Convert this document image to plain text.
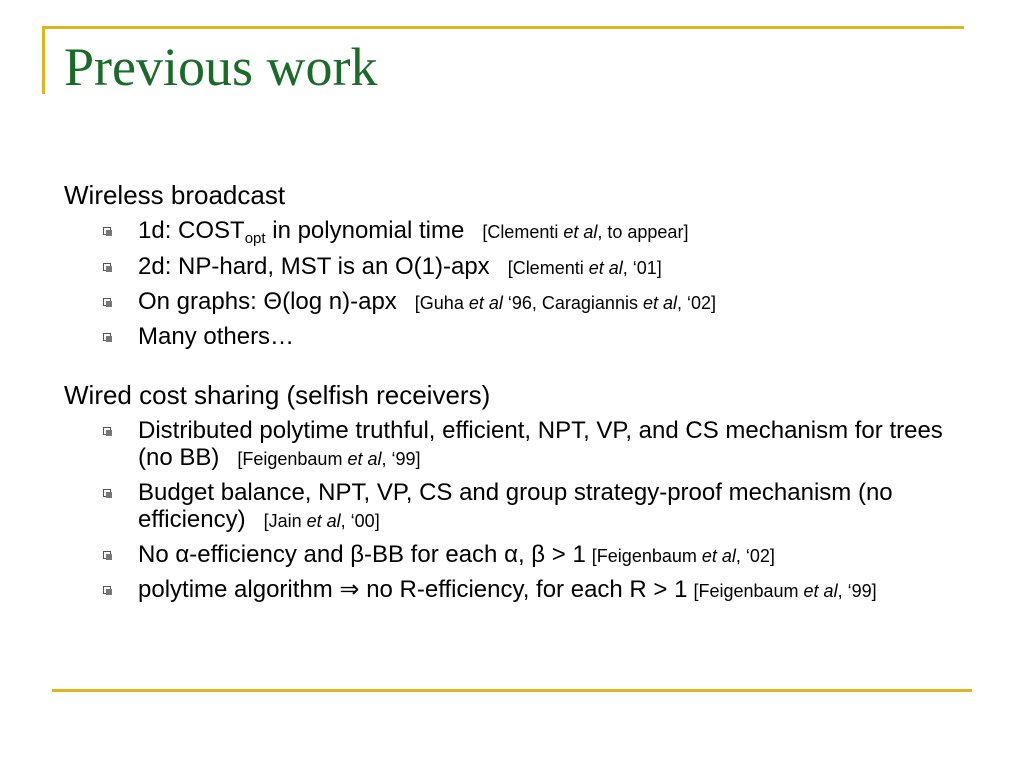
Previous work

Wireless broadcast

1d: $COST_{opt}$ in polynomial time [Clementi et al, to appear]
2d: NP-hard, MST is an O(1)-apx [Clementi et al, ‘01]
On graphs: Θ(log n)-apx [Guha et al ‘96, Caragiannis et al, ‘02]
Many others…

Wired cost sharing (selfish receivers)

Distributed polytime truthful, efficient, NPT, VP, and CS mechanism for trees (no BB) [Feigenbaum et al, ‘99]
Budget balance, NPT, VP, CS and group strategy-proof mechanism (no efficiency) [Jain et al, ‘00]
No α-efficiency and β-BB for each α, β > 1 [Feigenbaum et al, ‘02]
polytime algorithm ⇒ no R-efficiency, for each R > 1 [Feigenbaum et al, ‘99]
